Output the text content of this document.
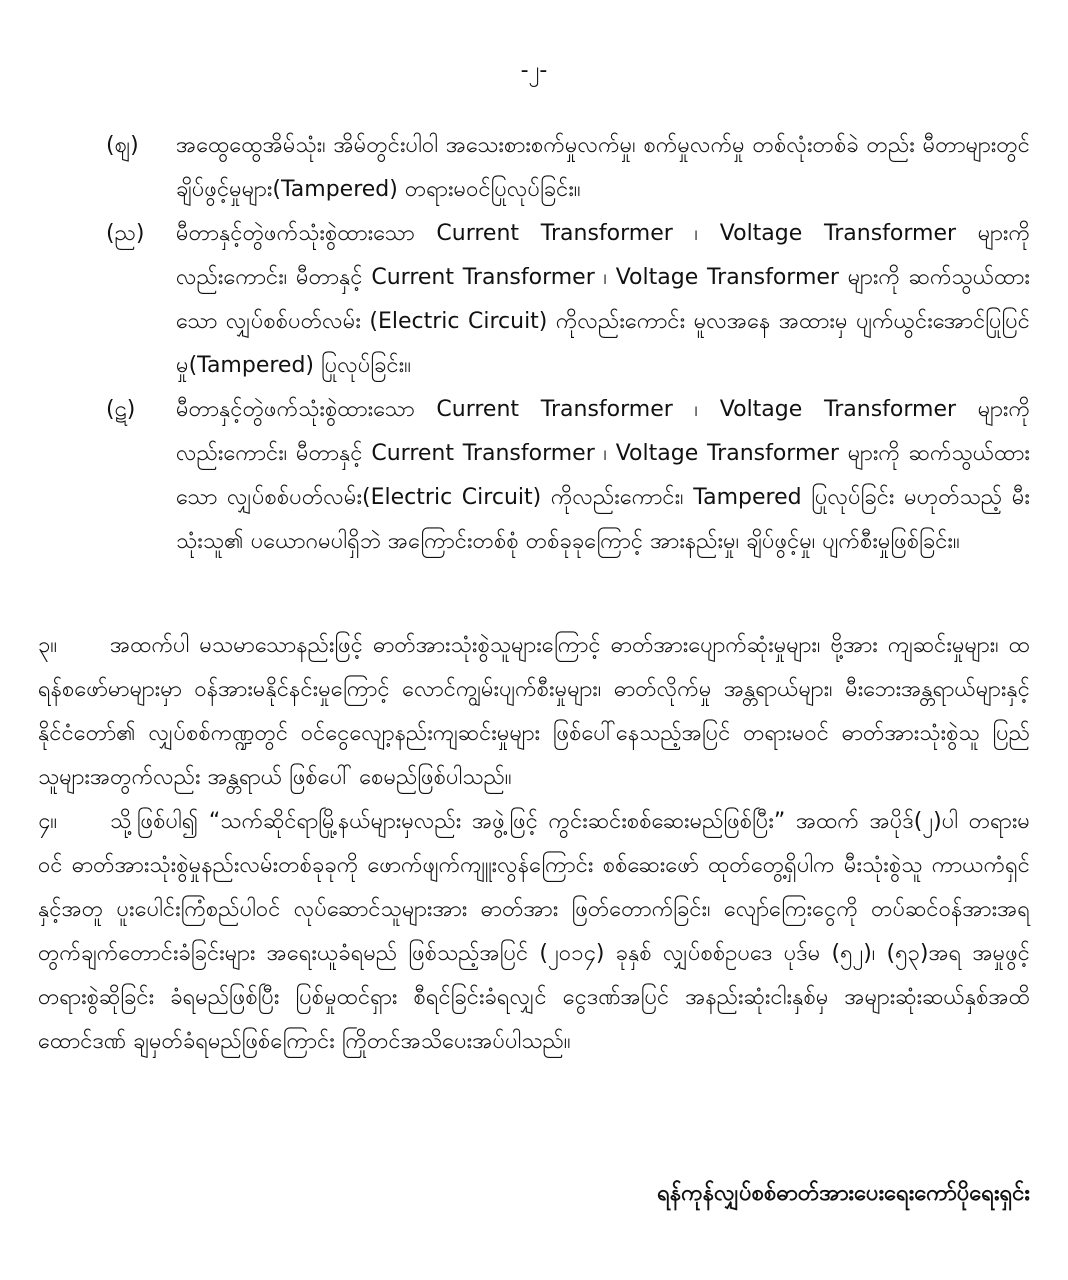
-၂-
(ဈ)	အထွေထွေအိမ်သုံး၊ အိမ်တွင်းပါဝါ အသေးစားစက်မှုလက်မှု၊ စက်မှုလက်မှု တစ်လုံးတစ်ခဲ တည်း မီတာများတွင် ချိပ်ဖွင့်မှုများ(Tampered) တရားမဝင်ပြုလုပ်ခြင်း။
(ည)	မီတာနှင့်တွဲဖက်သုံးစွဲထားသော Current Transformer ၊ Voltage Transformer များကို လည်းကောင်း၊ မီတာနှင့် Current Transformer ၊ Voltage Transformer များကို ဆက်သွယ်ထားသော လျှပ်စစ်ပတ်လမ်း (Electric Circuit) ကိုလည်းကောင်း မူလအနေ အထားမှ ပျက်ယွင်းအောင်ပြုပြင်မှု(Tampered) ပြုလုပ်ခြင်း။
(ဋ)	မီတာနှင့်တွဲဖက်သုံးစွဲထားသော Current Transformer ၊ Voltage Transformer များကို လည်းကောင်း၊ မီတာနှင့် Current Transformer ၊ Voltage Transformer များကို ဆက်သွယ်ထားသော လျှပ်စစ်ပတ်လမ်း(Electric Circuit) ကိုလည်းကောင်း၊ Tampered ပြုလုပ်ခြင်း မဟုတ်သည့် မီးသုံးသူ၏ ပယောဂမပါရှိဘဲ အကြောင်းတစ်စုံ တစ်ခုခုကြောင့် အားနည်းမှု၊ ချိပ်ဖွင့်မှု၊ ပျက်စီးမှုဖြစ်ခြင်း။

၃။ အထက်ပါ မသမာသောနည်းဖြင့် ဓာတ်အားသုံးစွဲသူများကြောင့် ဓာတ်အားပျောက်ဆုံးမှုများ၊ ဗို့အား ကျဆင်းမှုများ၊ ထရန်စဖော်မာများမှာ ဝန်အားမနိုင်နင်းမှုကြောင့် လောင်ကျွမ်းပျက်စီးမှုများ၊ ဓာတ်လိုက်မှု အန္တရာယ်များ၊ မီးဘေးအန္တရာယ်များနှင့် နိုင်ငံတော်၏ လျှပ်စစ်ကဏ္ဍတွင် ဝင်ငွေလျော့နည်းကျဆင်းမှုများ ဖြစ်ပေါ်နေသည့်အပြင် တရားမဝင် ဓာတ်အားသုံးစွဲသူ ပြည်သူများအတွက်လည်း အန္တရာယ် ဖြစ်ပေါ် စေမည်ဖြစ်ပါသည်။

၄။ သို့ဖြစ်ပါ၍ “သက်ဆိုင်ရာမြို့နယ်များမှလည်း အဖွဲ့ဖြင့် ကွင်းဆင်းစစ်ဆေးမည်ဖြစ်ပြီး” အထက် အပိုဒ်(၂)ပါ တရားမဝင် ဓာတ်အားသုံးစွဲမှုနည်းလမ်းတစ်ခုခုကို ဖောက်ဖျက်ကျူးလွန်ကြောင်း စစ်ဆေးဖော် ထုတ်တွေ့ရှိပါက မီးသုံးစွဲသူ ကာယကံရှင်နှင့်အတူ ပူးပေါင်းကြံစည်ပါဝင် လုပ်ဆောင်သူများအား ဓာတ်အား ဖြတ်တောက်ခြင်း၊ လျော်ကြေးငွေကို တပ်ဆင်ဝန်အားအရ တွက်ချက်တောင်းခံခြင်းများ အရေးယူခံရမည် ဖြစ်သည့်အပြင် (၂၀၁၄) ခုနှစ် လျှပ်စစ်ဥပဒေ ပုဒ်မ (၅၂)၊ (၅၃)အရ အမှုဖွင့်တရားစွဲဆိုခြင်း ခံရမည်ဖြစ်ပြီး ပြစ်မှုထင်ရှား စီရင်ခြင်းခံရလျှင် ငွေဒဏ်အပြင် အနည်းဆုံးငါးနှစ်မှ အများဆုံးဆယ်နှစ်အထိ ထောင်ဒဏ် ချမှတ်ခံရမည်ဖြစ်ကြောင်း ကြိုတင်အသိပေးအပ်ပါသည်။

ရန်ကုန်လျှပ်စစ်ဓာတ်အားပေးရေးကော်ပိုရေးရှင်း
